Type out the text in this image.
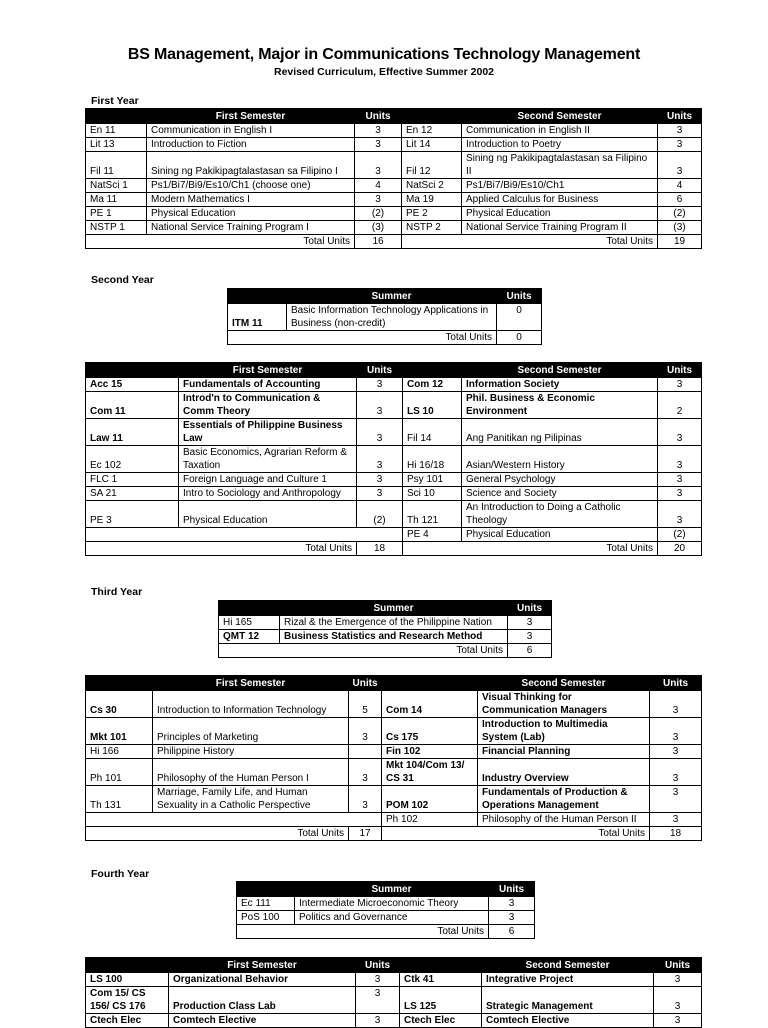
BS Management, Major in Communications Technology Management
Revised Curriculum, Effective Summer 2002
First Year
	First Semester	Units		Second Semester	Units
En 11	Communication in English I	3	En 12	Communication in English II	3
Lit 13	Introduction to Fiction	3	Lit 14	Introduction to Poetry	3
Fil 11	Sining ng Pakikipagtalastasan sa Filipino I	3	Fil 12	Sining ng Pakikipagtalastasan sa Filipino II	3
NatSci 1	Ps1/Bi7/Bi9/Es10/Ch1 (choose one)	4	NatSci 2	Ps1/Bi7/Bi9/Es10/Ch1	4
Ma 11	Modern Mathematics I	3	Ma 19	Applied Calculus for Business	6
PE 1	Physical Education	(2)	PE 2	Physical Education	(2)
NSTP 1	National Service Training Program I	(3)	NSTP 2	National Service Training Program II	(3)
Total Units		16	Total Units		19
Second Year
	Summer	Units
ITM 11	Basic Information Technology Applications in Business (non-credit)	0
Total Units		0
	First Semester	Units		Second Semester	Units
Acc 15	Fundamentals of Accounting	3	Com 12	Information Society	3
Com 11	Introd'n to Communication & Comm Theory	3	LS 10	Phil. Business & Economic Environment	2
Law 11	Essentials of Philippine Business Law	3	Fil 14	Ang Panitikan ng Pilipinas	3
Ec 102	Basic Economics, Agrarian Reform & Taxation	3	Hi 16/18	Asian/Western History	3
FLC 1	Foreign Language and Culture 1	3	Psy 101	General Psychology	3
SA 21	Intro to Sociology and Anthropology	3	Sci 10	Science and Society	3
PE 3	Physical Education	(2)	Th 121	An Introduction to Doing a Catholic Theology	3
			PE 4	Physical Education	(2)
Total Units		18	Total Units		20
Third Year
	Summer	Units
Hi 165	Rizal & the Emergence of the Philippine Nation	3
QMT 12	Business Statistics and Research Method	3
Total Units		6
	First Semester	Units		Second Semester	Units
Cs 30	Introduction to Information Technology	5	Com 14	Visual Thinking for Communication Managers	3
Mkt 101	Principles of Marketing	3	Cs 175	Introduction to Multimedia System (Lab)	3
Hi 166	Philippine History		Fin 102	Financial Planning	3
Ph 101	Philosophy of the Human Person I	3	Mkt 104/Com 13/ CS 31	Industry Overview	3
Th 131	Marriage, Family Life, and Human Sexuality in a Catholic Perspective	3	POM 102	Fundamentals of Production & Operations Management	3
			Ph 102	Philosophy of the Human Person II	3
Total Units		17	Total Units		18
Fourth Year
	Summer	Units
Ec 111	Intermediate Microeconomic Theory	3
PoS 100	Politics and Governance	3
Total Units		6
	First Semester	Units		Second Semester	Units
LS 100	Organizational Behavior	3	Ctk 41	Integrative Project	3
Com 15/ CS 156/ CS 176	Production Class Lab	3	LS 125	Strategic Management	3
Ctech Elec	Comtech Elective	3	Ctech Elec	Comtech Elective	3
